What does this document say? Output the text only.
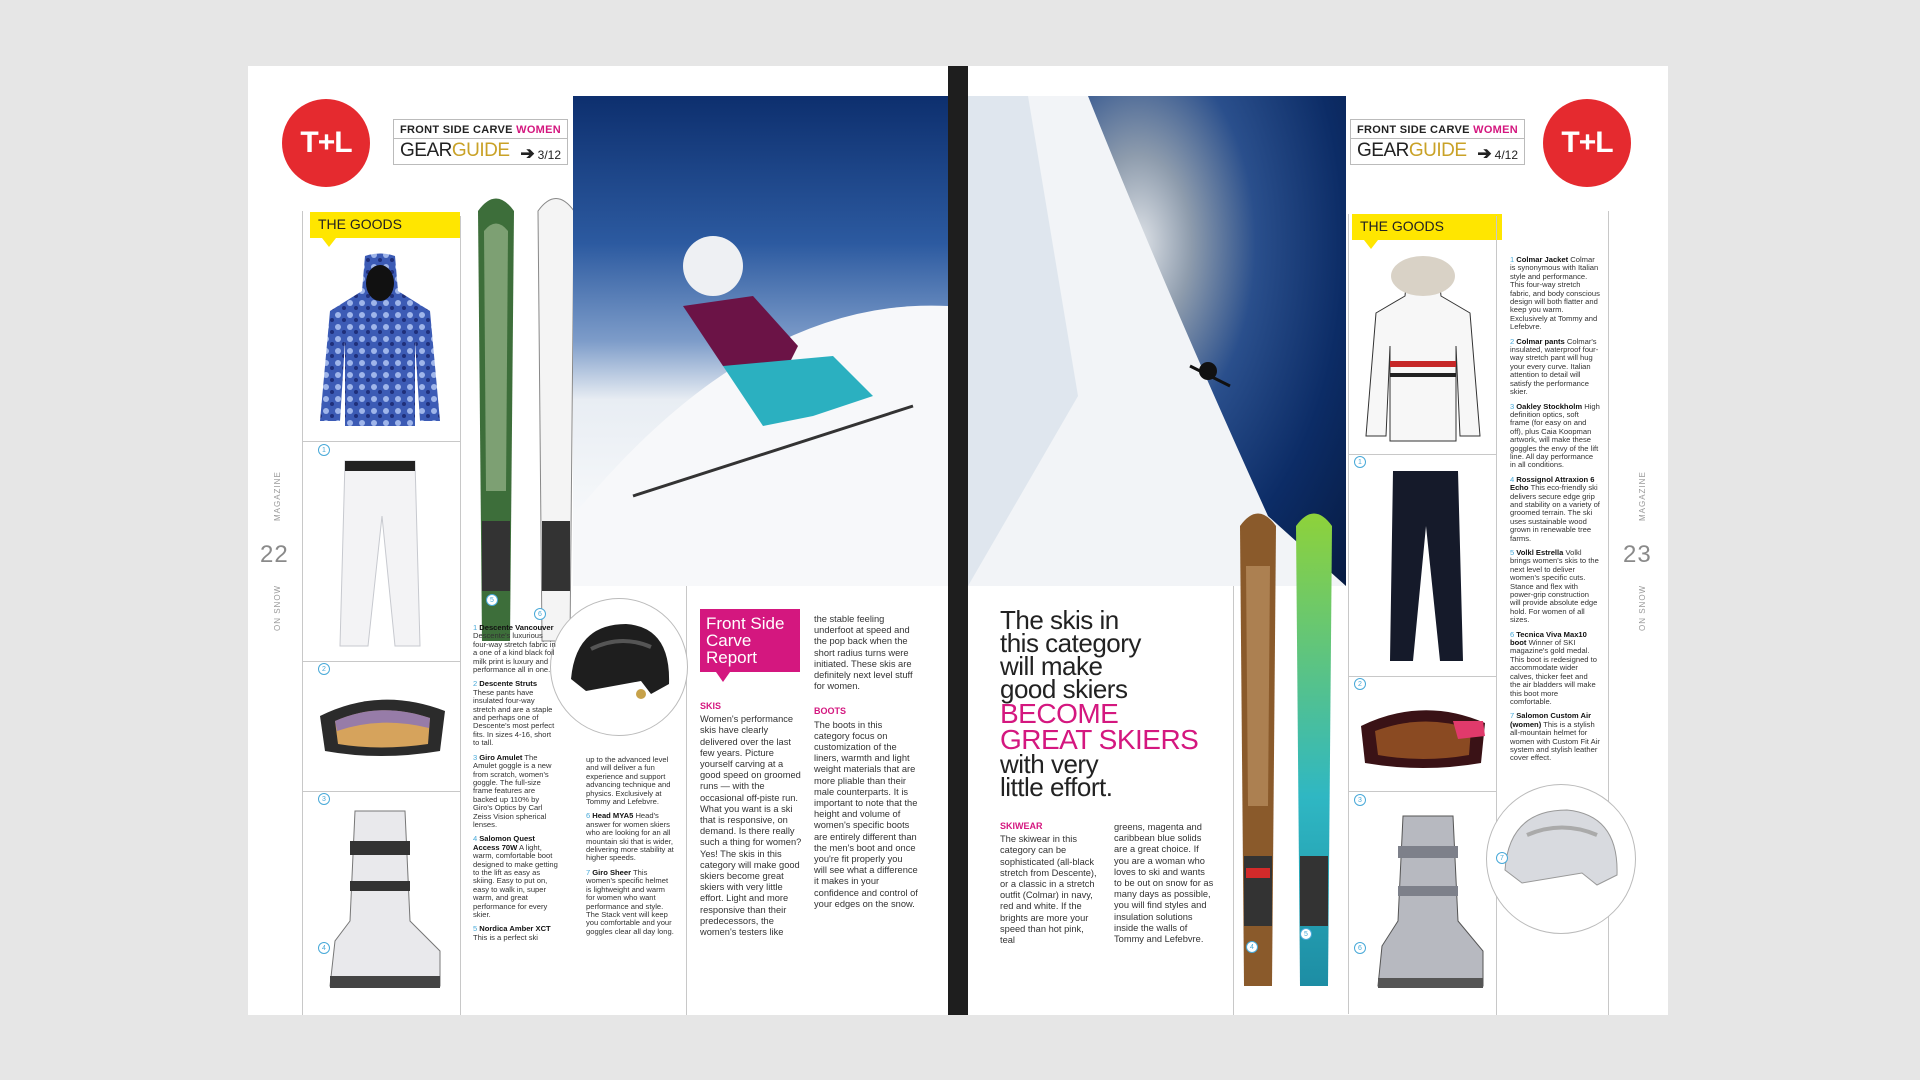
T+L	FRONT SIDE CARVE WOMEN
GEARGUIDE ➔ 3/12
THE GOODS
22
MAGAZINE
ON SNOW
1
2
3
4
5
6
1 Descente Vancouver Descente's luxurious four-way stretch fabric in a one of a kind black foil milk print is luxury and performance all in one.
2 Descente Struts These pants have insulated four-way stretch and are a staple and perhaps one of Descente's most perfect fits. In sizes 4-16, short to tall.
3 Giro Amulet The Amulet goggle is a new from scratch, women's goggle. The full-size frame features are backed up 110% by Giro's Optics by Carl Zeiss Vision spherical lenses.
4 Salomon Quest Access 70W A light, warm, comfortable boot designed to make getting to the lift as easy as skiing. Easy to put on, easy to walk in, super warm, and great performance for every skier.
5 Nordica Amber XCT This is a perfect ski
up to the advanced level and will deliver a fun experience and support advancing technique and physics. Exclusively at Tommy and Lefebvre.
6 Head MYA5 Head's answer for women skiers who are looking for an all mountain ski that is wider, delivering more stability at higher speeds.
7 Giro Sheer This women's specific helmet is lightweight and warm for women who want performance and style. The Stack vent will keep you comfortable and your goggles clear all day long.
Front Side Carve Report
SKIS
Women's performance skis have clearly delivered over the last few years. Picture yourself carving at a good speed on groomed runs — with the occasional off-piste run. What you want is a ski that is responsive, on demand. Is there really such a thing for women? Yes! The skis in this category will make good skiers become great skiers with very little effort. Light and more responsive than their predecessors, the women's testers like
the stable feeling underfoot at speed and the pop back when the short radius turns were initiated. These skis are definitely next level stuff for women.
BOOTS
The boots in this category focus on customization of the liners, warmth and light weight materials that are more pliable than their male counterparts. It is important to note that the height and volume of women's specific boots are entirely different than the men's boot and once you're fit properly you will see what a difference it makes in your confidence and control of your edges on the snow.
The skis in
this category
will make
good skiers
BECOME
GREAT SKIERS
with very
little effort.
SKIWEAR
The skiwear in this category can be sophisticated (all-black stretch from Descente), or a classic in a stretch outfit (Colmar) in navy, red and white. If the brights are more your speed than hot pink, teal
greens, magenta and caribbean blue solids are a great choice. If you are a woman who loves to ski and wants to be out on snow for as many days as possible, you will find styles and insulation solutions inside the walls of Tommy and Lefebvre.
T+L
FRONT SIDE CARVE WOMEN
GEARGUIDE ➔ 4/12
THE GOODS
23
MAGAZINE
ON SNOW
1
2
3
4
5
6
7
1 Colmar Jacket Colmar is synonymous with Italian style and performance. This four-way stretch fabric, and body conscious design will both flatter and keep you warm. Exclusively at Tommy and Lefebvre.
2 Colmar pants Colmar's insulated, waterproof four-way stretch pant will hug your every curve. Italian attention to detail will satisfy the performance skier.
3 Oakley Stockholm High definition optics, soft frame (for easy on and off), plus Caia Koopman artwork, will make these goggles the envy of the lift line. All day performance in all conditions.
4 Rossignol Attraxion 6 Echo This eco-friendly ski delivers secure edge grip and stability on a variety of groomed terrain. The ski uses sustainable wood grown in renewable tree farms.
5 Volkl Estrella Volkl brings women's skis to the next level to deliver women's specific cuts. Stance and flex with power-grip construction will provide absolute edge hold. For women of all sizes.
6 Tecnica Viva Max10 boot Winner of SKI magazine's gold medal. This boot is redesigned to accommodate wider calves, thicker feet and the air bladders will make this boot more comfortable.
7 Salomon Custom Air (women) This is a stylish all-mountain helmet for women with Custom Fit Air system and stylish leather cover effect.
